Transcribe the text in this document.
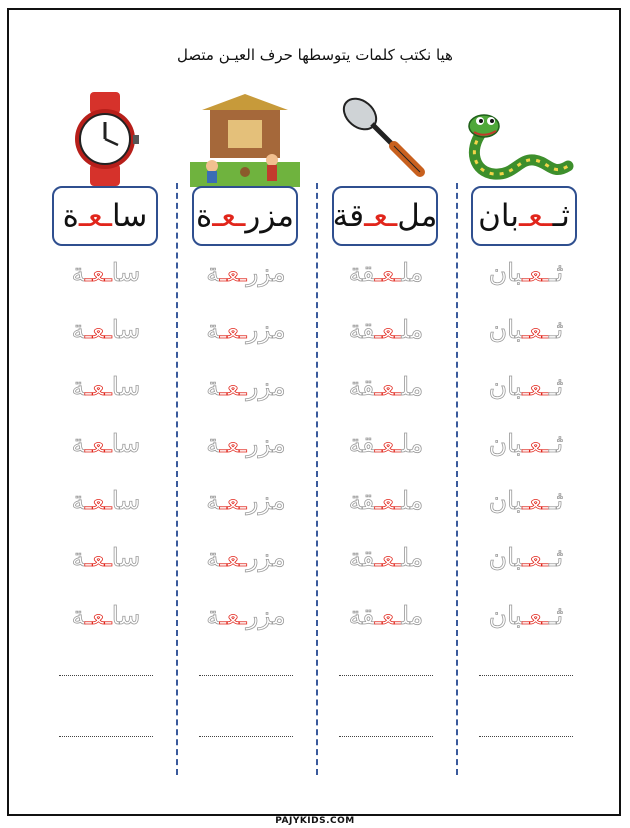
هيا نكتب كلمات يتوسطها حرف العيـن متصل
سا
ـعـ
ة	مزر
ـعـ
ة	مل
ـعـ
قة	ثـ
ـعـ
بان
ساـعـة
ساـعـة
ساـعـة
ساـعـة
ساـعـة
ساـعـة
ساـعـة
مزرـعـة
مزرـعـة
مزرـعـة
مزرـعـة
مزرـعـة
مزرـعـة
مزرـعـة
ملـعـقة
ملـعـقة
ملـعـقة
ملـعـقة
ملـعـقة
ملـعـقة
ملـعـقة
ثــعـبان
ثــعـبان
ثــعـبان
ثــعـبان
ثــعـبان
ثــعـبان
ثــعـبان
PAJYKIDS.COM
